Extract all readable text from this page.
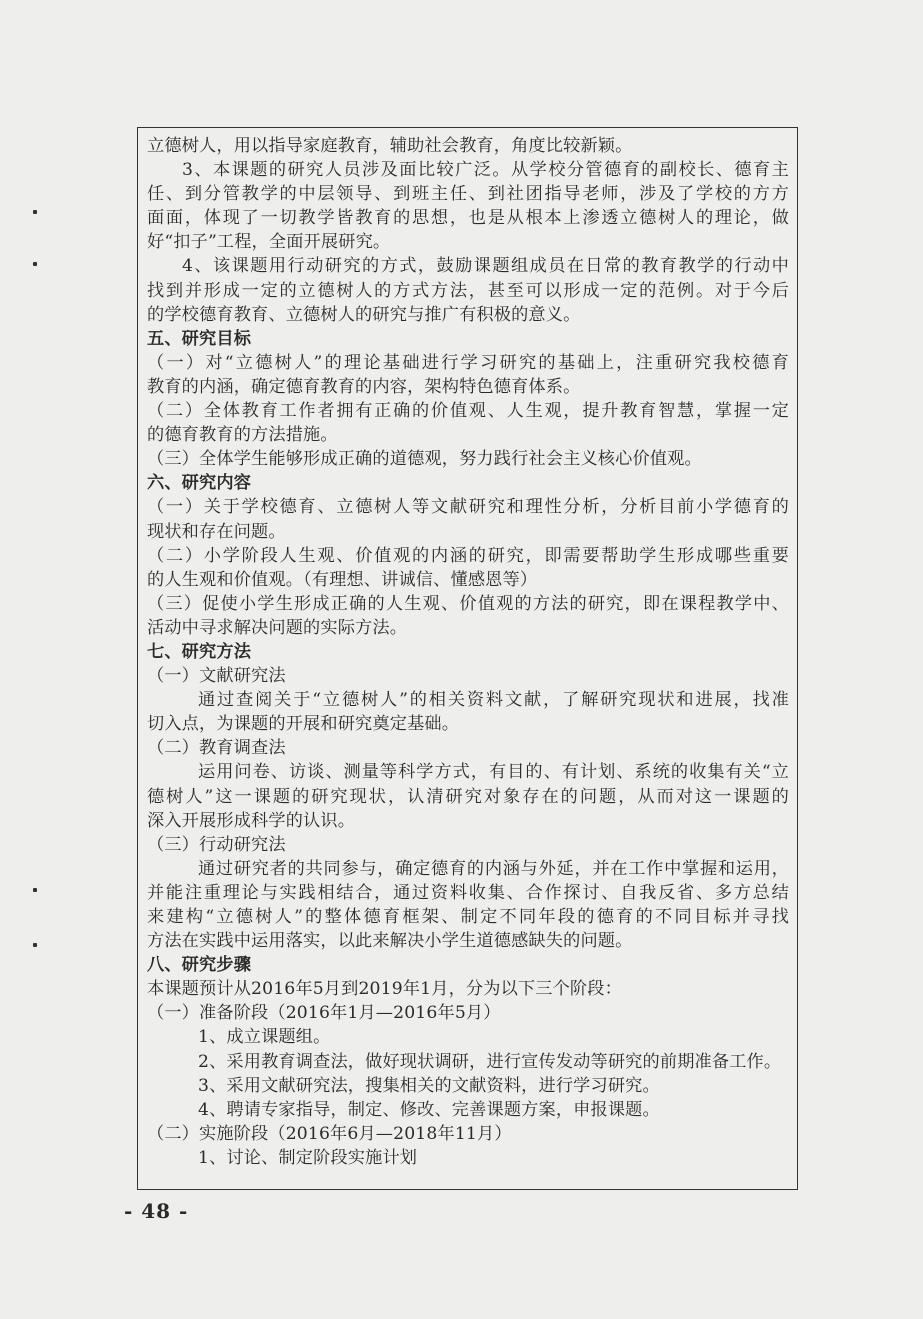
立德树人，用以指导家庭教育，辅助社会教育，角度比较新颖。
3、本课题的研究人员涉及面比较广泛。从学校分管德育的副校长、德育主
任、到分管教学的中层领导、到班主任、到社团指导老师，涉及了学校的方方
面面，体现了一切教学皆教育的思想，也是从根本上渗透立德树人的理论，做
好“扣子”工程，全面开展研究。
4、该课题用行动研究的方式，鼓励课题组成员在日常的教育教学的行动中
找到并形成一定的立德树人的方式方法，甚至可以形成一定的范例。对于今后
的学校德育教育、立德树人的研究与推广有积极的意义。
五、研究目标
（一）对“立德树人”的理论基础进行学习研究的基础上，注重研究我校德育
教育的内涵，确定德育教育的内容，架构特色德育体系。
（二）全体教育工作者拥有正确的价值观、人生观，提升教育智慧，掌握一定
的德育教育的方法措施。
（三）全体学生能够形成正确的道德观，努力践行社会主义核心价值观。
六、研究内容
（一）关于学校德育、立德树人等文献研究和理性分析，分析目前小学德育的
现状和存在问题。
（二）小学阶段人生观、价值观的内涵的研究，即需要帮助学生形成哪些重要
的人生观和价值观。（有理想、讲诚信、懂感恩等）
（三）促使小学生形成正确的人生观、价值观的方法的研究，即在课程教学中、
活动中寻求解决问题的实际方法。
七、研究方法
（一）文献研究法
通过查阅关于“立德树人”的相关资料文献，了解研究现状和进展，找准
切入点，为课题的开展和研究奠定基础。
（二）教育调查法
运用问卷、访谈、测量等科学方式，有目的、有计划、系统的收集有关“立
德树人”这一课题的研究现状，认清研究对象存在的问题，从而对这一课题的
深入开展形成科学的认识。
（三）行动研究法
通过研究者的共同参与，确定德育的内涵与外延，并在工作中掌握和运用，
并能注重理论与实践相结合，通过资料收集、合作探讨、自我反省、多方总结
来建构“立德树人”的整体德育框架、制定不同年段的德育的不同目标并寻找
方法在实践中运用落实，以此来解决小学生道德感缺失的问题。
八、研究步骤
本课题预计从2016年5月到2019年1月，分为以下三个阶段：
（一）准备阶段（2016年1月—2016年5月）
1、成立课题组。
2、采用教育调查法，做好现状调研，进行宣传发动等研究的前期准备工作。
3、采用文献研究法，搜集相关的文献资料，进行学习研究。
4、聘请专家指导，制定、修改、完善课题方案，申报课题。
（二）实施阶段（2016年6月—2018年11月）
1、讨论、制定阶段实施计划
- 48 -
